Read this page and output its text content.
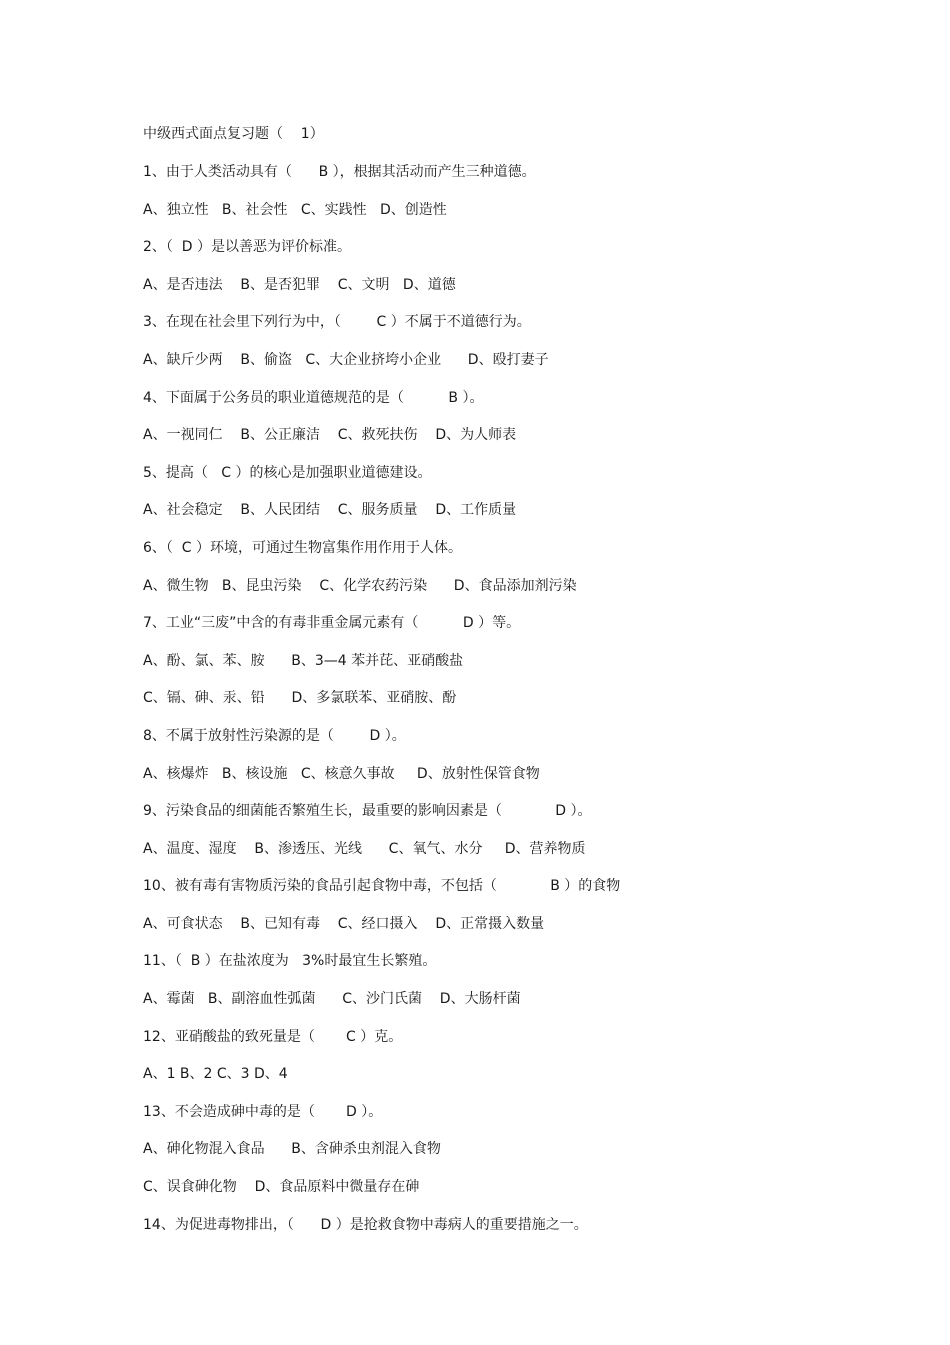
中级西式面点复习题（    1）
1、由于人类活动具有（      B ），根据其活动而产生三种道德。
A、独立性   B、社会性   C、实践性   D、创造性
2、（  D ）是以善恶为评价标准。
A、是否违法    B、是否犯罪    C、文明   D、道德
3、在现在社会里下列行为中，（        C ）不属于不道德行为。
A、缺斤少两    B、偷盗   C、大企业挤垮小企业      D、殴打妻子
4、下面属于公务员的职业道德规范的是（          B ）。
A、一视同仁    B、公正廉洁    C、救死扶伤    D、为人师表
5、提高（   C ）的核心是加强职业道德建设。
A、社会稳定    B、人民团结    C、服务质量    D、工作质量
6、（  C ）环境，可通过生物富集作用作用于人体。
A、微生物   B、昆虫污染    C、化学农药污染      D、食品添加剂污染
7、工业“三废”中含的有毒非重金属元素有（          D ）等。
A、酚、氯、苯、胺      B、3—4 苯并芘、亚硝酸盐
C、镉、砷、汞、铅      D、多氯联苯、亚硝胺、酚
8、不属于放射性污染源的是（        D ）。
A、核爆炸   B、核设施   C、核意久事故     D、放射性保管食物
9、污染食品的细菌能否繁殖生长，最重要的影响因素是（            D ）。
A、温度、湿度    B、渗透压、光线      C、氧气、水分     D、营养物质
10、被有毒有害物质污染的食品引起食物中毒，不包括（            B ）的食物
A、可食状态    B、已知有毒    C、经口摄入    D、正常摄入数量
11、（  B ）在盐浓度为   3%时最宜生长繁殖。
A、霉菌   B、副溶血性弧菌      C、沙门氏菌    D、大肠杆菌
12、亚硝酸盐的致死量是（       C ）克。
A、1 B、2 C、3 D、4
13、不会造成砷中毒的是（       D ）。
A、砷化物混入食品      B、含砷杀虫剂混入食物
C、误食砷化物    D、食品原料中微量存在砷
14、为促进毒物排出，（      D ）是抢救食物中毒病人的重要措施之一。
